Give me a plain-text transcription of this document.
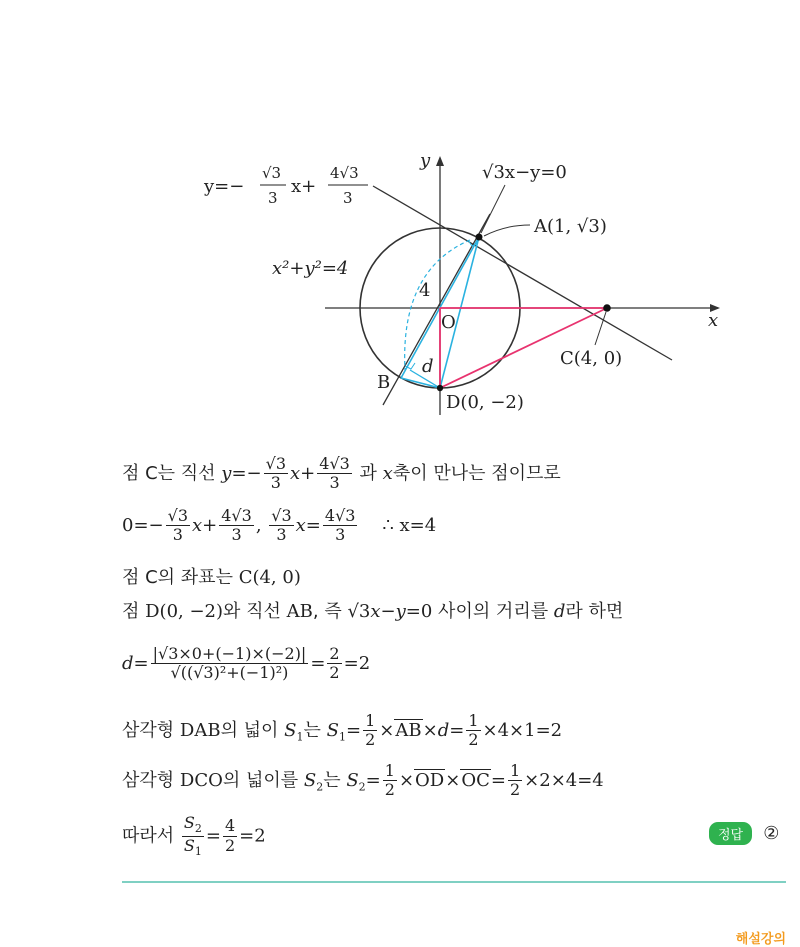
y
x
O
4
d
A(1, √3)
B
C(4, 0)
D(0, −2)
x²+y²=4
√3x−y=0
y=−
√3
3
x+
4√3
3
점 C는 직선 $y=- \frac{√3}{3} x+ \frac{4√3}{3}$ 과 x축이 만나는 점이므로
$0=- \frac{√3}{3} x+ \frac{4√3}{3}$ , $\frac{√3}{3} x= \frac{4√3}{3}$ ∴ x=4
점 C의 좌표는 C(4, 0)
점 D(0, −2)와 직선 AB, 즉 √3x−y=0 사이의 거리를 d라 하면
$d= \frac{|√3\times 0+(-1)\times(-2)|}{\text{√((√3)²+(−1)²)}} = \frac{2}{2} =2$
삼각형 DAB의 넓이 $S_1$는 $S_1= \frac{1}{2} \times AB\times d= \frac{1}{2} \times 4\times 1=2$
삼각형 DCO의 넓이를 $S_2$는 $S_2= \frac{1}{2} \times OD\times OC= \frac{1}{2} \times 2\times 4=4$
따라서 $\frac{S_2}{S_1} = \frac{4}{2} =2$	정답 ②
해설강의
